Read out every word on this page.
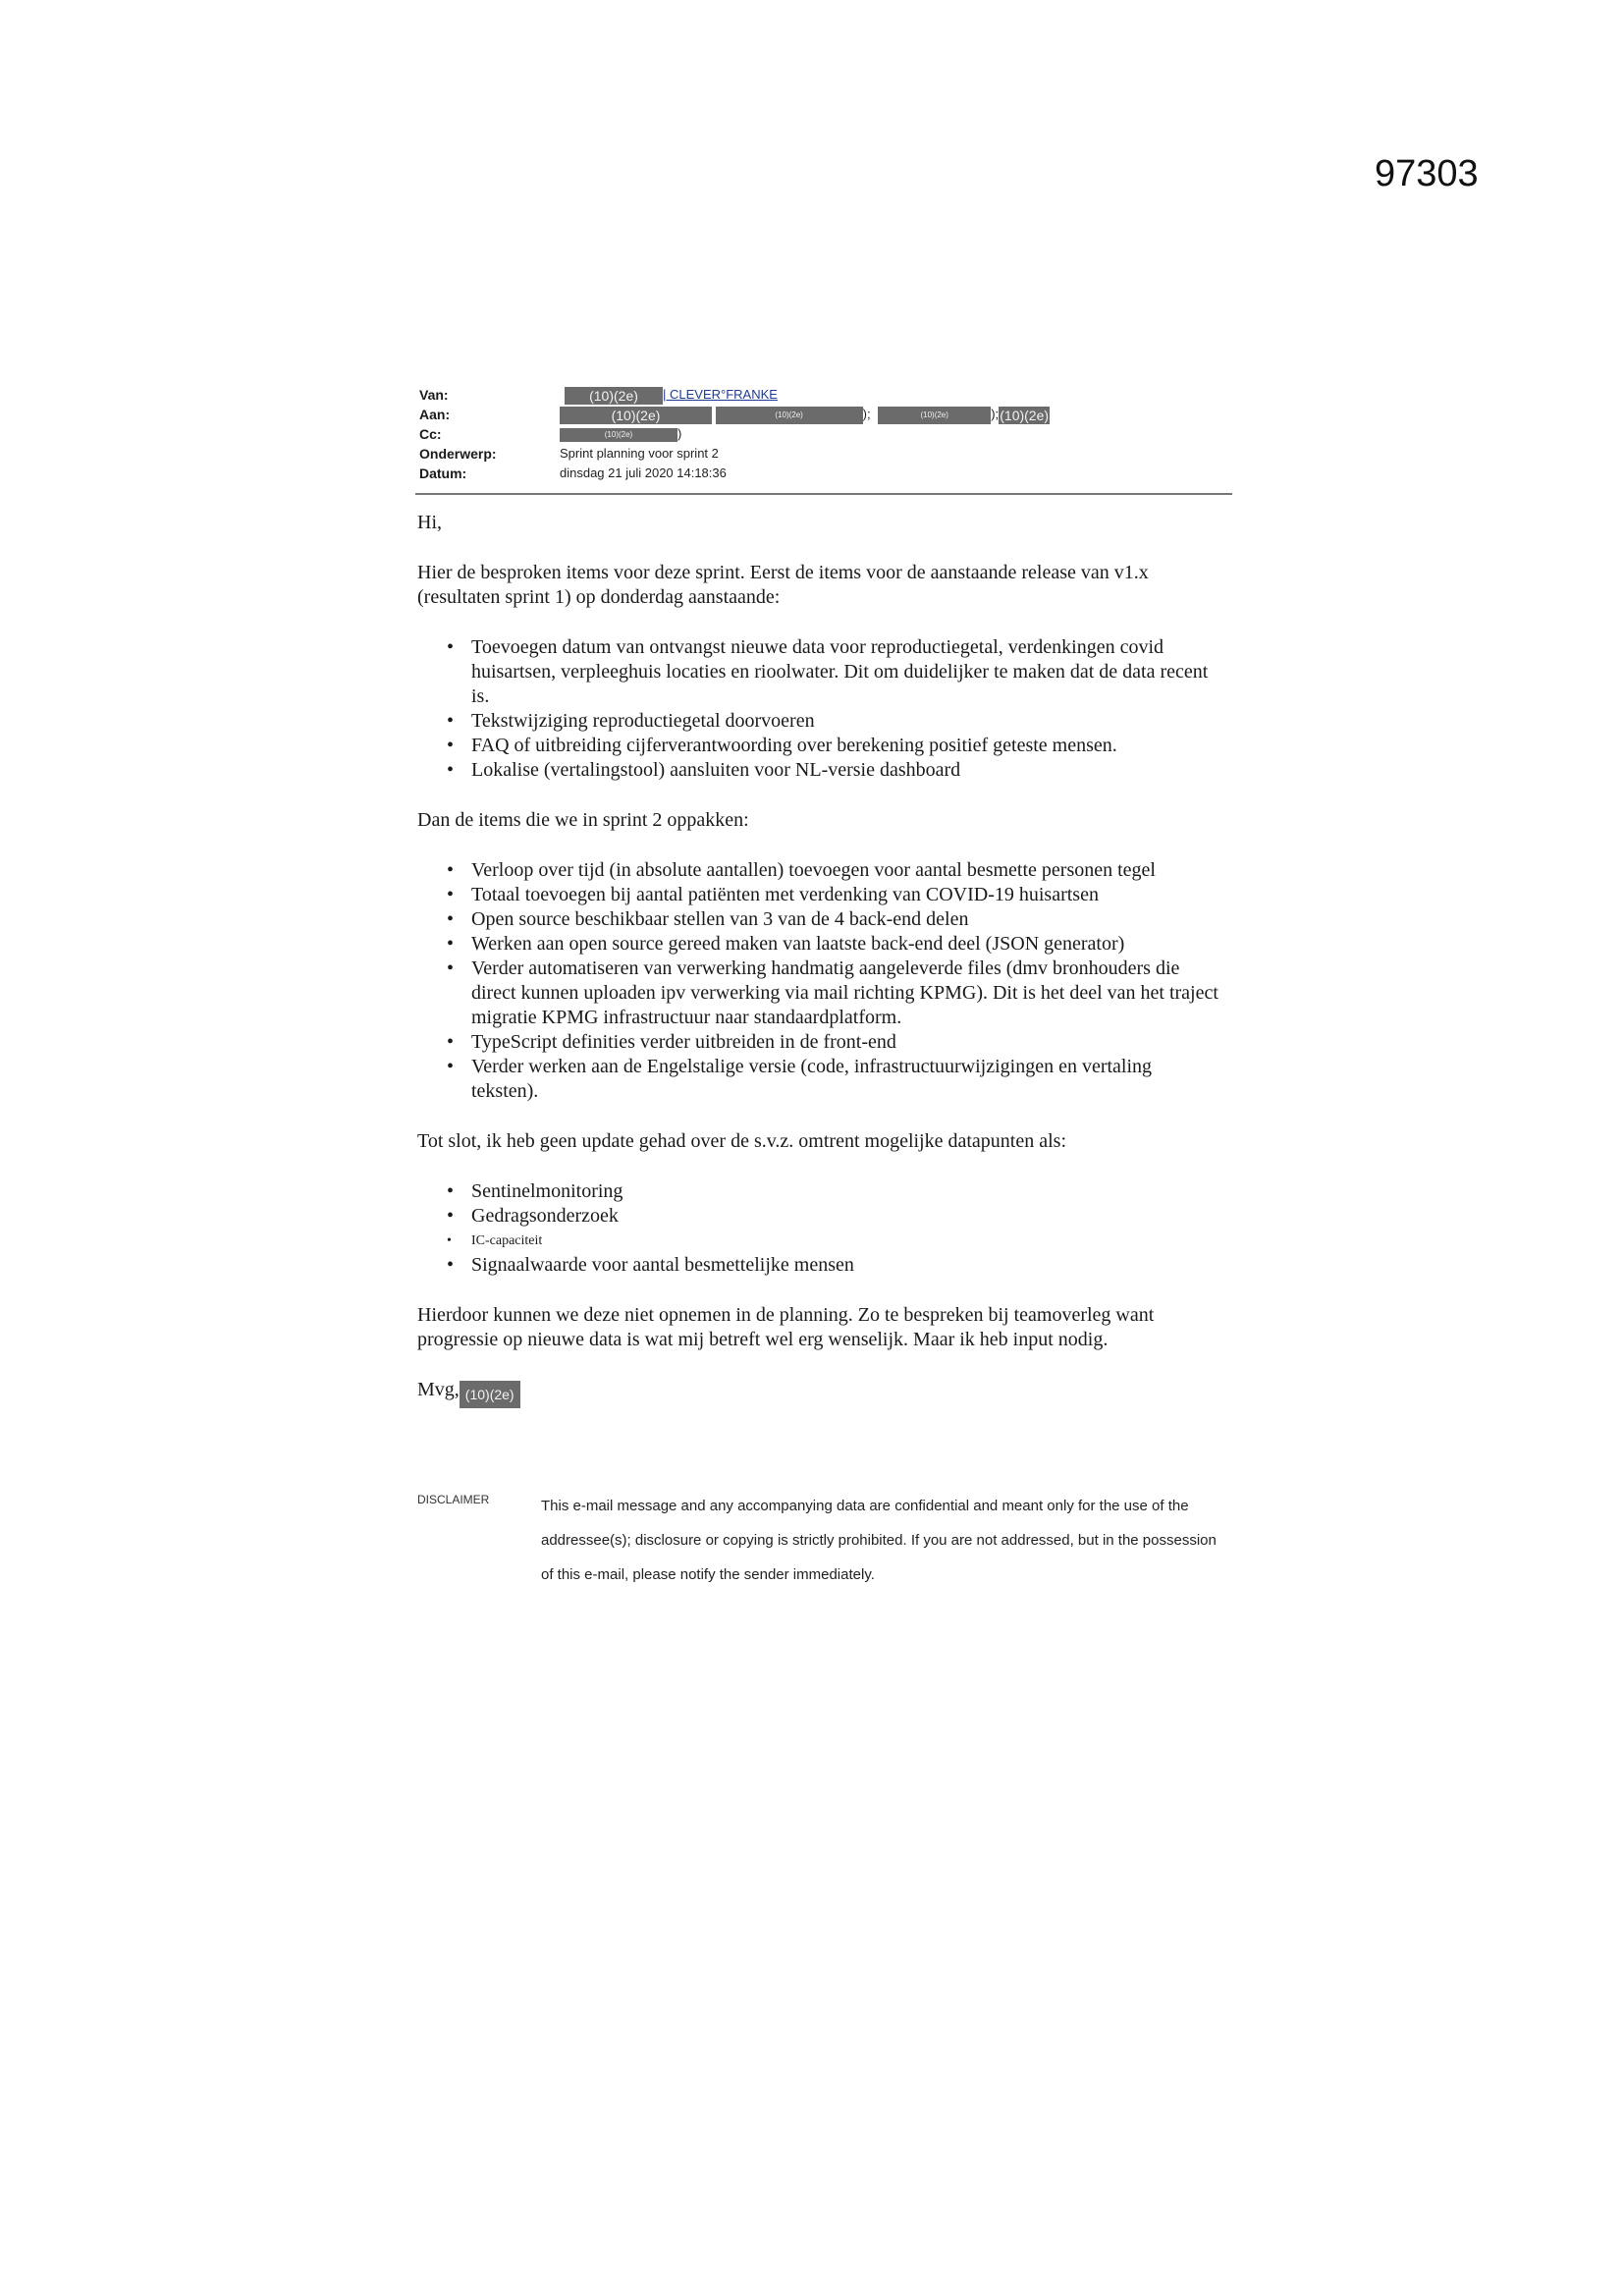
97303
Van:	(10)(2e) | CLEVER°FRANKE
Aan:	(10)(2e)	(10)(2e)	);	(10)(2e)	);(10)(2e)
Cc:	(10)(2e)	)
Onderwerp:	Sprint planning voor sprint 2
Datum:	dinsdag 21 juli 2020 14:18:36

Hi,

Hier de besproken items voor deze sprint. Eerst de items voor de aanstaande release van v1.x (resultaten sprint 1) op donderdag aanstaande:

• Toevoegen datum van ontvangst nieuwe data voor reproductiegetal, verdenkingen covid huisartsen, verpleeghuis locaties en rioolwater. Dit om duidelijker te maken dat de data recent is.
• Tekstwijziging reproductiegetal doorvoeren
• FAQ of uitbreiding cijferverantwoording over berekening positief geteste mensen.
• Lokalise (vertalingstool) aansluiten voor NL-versie dashboard

Dan de items die we in sprint 2 oppakken:

• Verloop over tijd (in absolute aantallen) toevoegen voor aantal besmette personen tegel
• Totaal toevoegen bij aantal patiënten met verdenking van COVID-19 huisartsen
• Open source beschikbaar stellen van 3 van de 4 back-end delen
• Werken aan open source gereed maken van laatste back-end deel (JSON generator)
• Verder automatiseren van verwerking handmatig aangeleverde files (dmv bronhouders die direct kunnen uploaden ipv verwerking via mail richting KPMG). Dit is het deel van het traject migratie KPMG infrastructuur naar standaardplatform.
• TypeScript definities verder uitbreiden in de front-end
• Verder werken aan de Engelstalige versie (code, infrastructuurwijzigingen en vertaling teksten).

Tot slot, ik heb geen update gehad over de s.v.z. omtrent mogelijke datapunten als:

• Sentinelmonitoring
• Gedragsonderzoek
• IC-capaciteit
• Signaalwaarde voor aantal besmettelijke mensen

Hierdoor kunnen we deze niet opnemen in de planning. Zo te bespreken bij teamoverleg want progressie op nieuwe data is wat mij betreft wel erg wenselijk. Maar ik heb input nodig.

Mvg, (10)(2e)

DISCLAIMER	This e-mail message and any accompanying data are confidential and meant only for the use of the addressee(s); disclosure or copying is strictly prohibited. If you are not addressed, but in the possession of this e-mail, please notify the sender immediately.
